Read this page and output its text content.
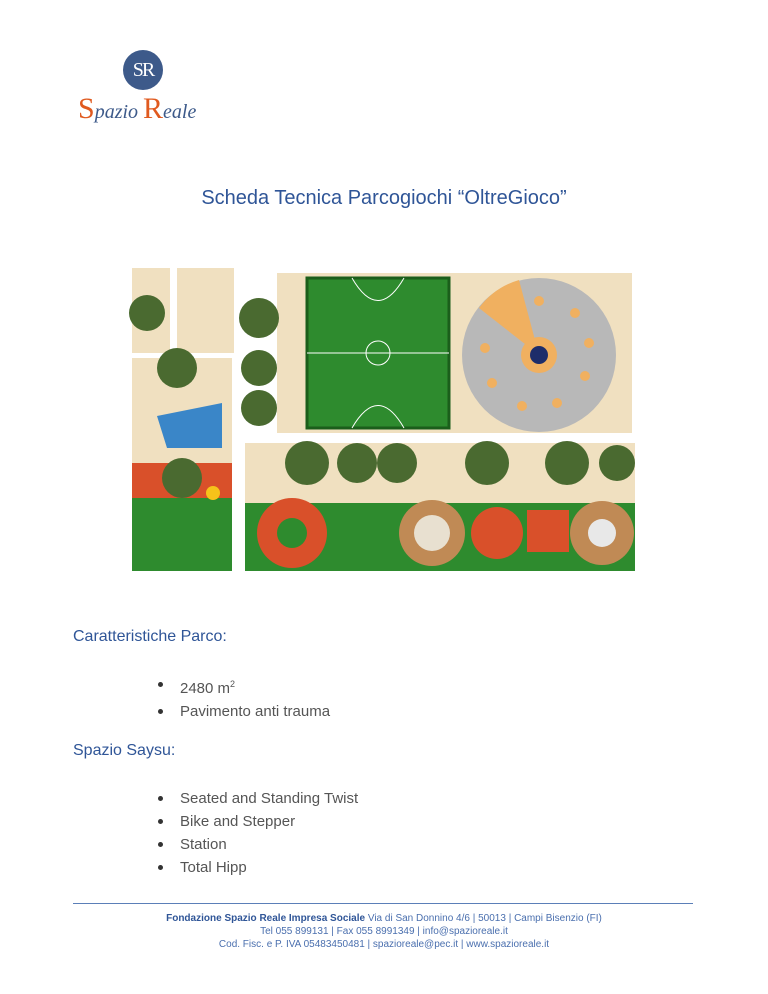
SR
Spazio Reale
Scheda Tecnica Parcogiochi “OltreGioco”
Caratteristiche Parco:
2480 $m^2$
Pavimento anti trauma
Spazio Saysu:
Seated and Standing Twist
Bike and Stepper
Station
Total Hipp
Fondazione Spazio Reale Impresa Sociale Via di San Donnino 4/6 | 50013 | Campi Bisenzio (FI)
Tel 055 899131 | Fax 055 8991349 | info@spazioreale.it
Cod. Fisc. e P. IVA 05483450481 | spazioreale@pec.it | www.spazioreale.it
